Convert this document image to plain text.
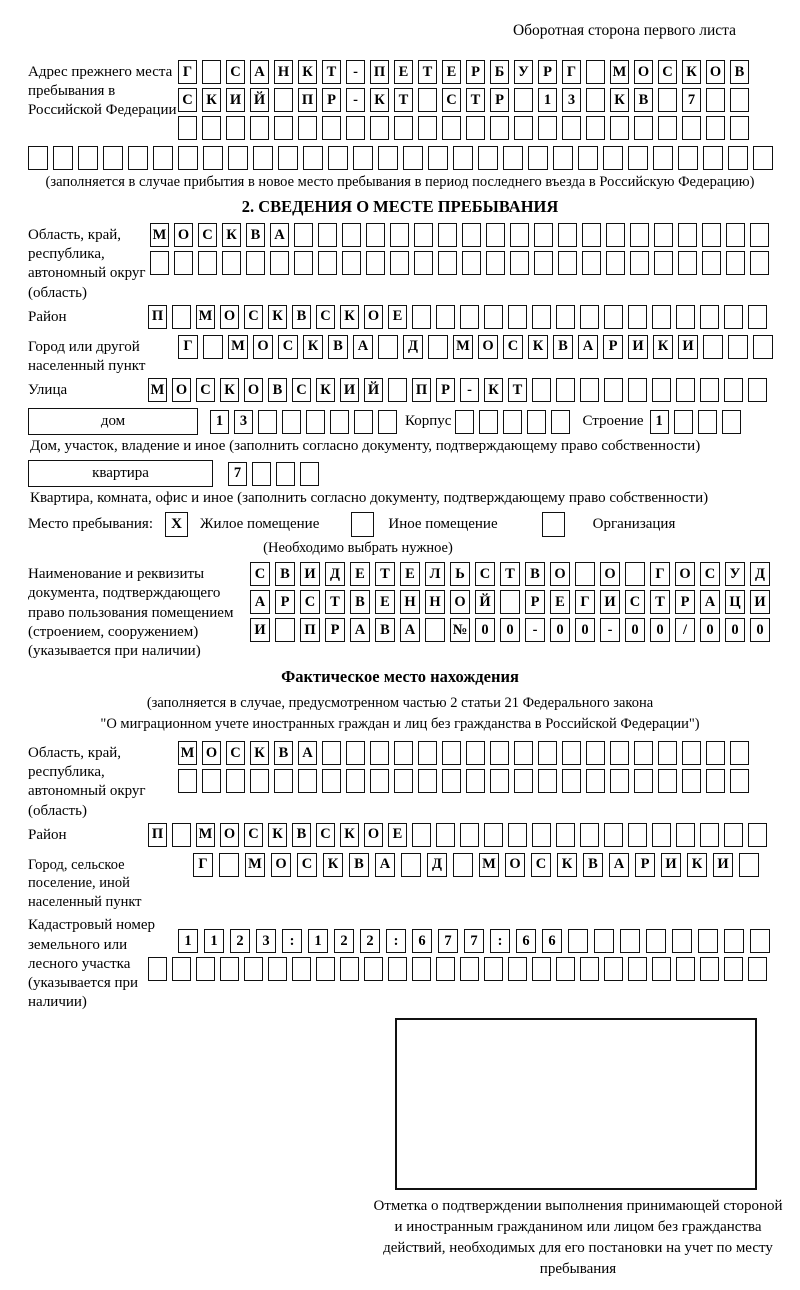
Оборотная сторона первого листа
Адрес прежнего места пребывания в Российской Федерации
Г	С А Н К Т	-	П Е Т Е	Р	Б У Р	Г	М О С К О В
С К И Й	П Р	-	К Т	С Т	Р	1	3	К В	7
(заполняется в случае прибытия в новое место пребывания в период последнего въезда в Российскую Федерацию)
2. СВЕДЕНИЯ О МЕСТЕ ПРЕБЫВАНИЯ
Область, край, республика, автономный округ (область)
М О С К В А
Район	П М О С К В С К О Е
Город или другой населенный пункт
Г	М О С	К	В	А	Д	М О С	К	В	А	Р	И К И
Улица	М О С К О В С К И Й	П Р	-	К Т
дом	1	3	Корпус	Строение 1
Дом, участок, владение и иное (заполнить согласно документу, подтверждающему право собственности)
квартира	7
Квартира, комната, офис и иное (заполнить согласно документу, подтверждающему право собственности)
Место пребывания:	X	Жилое помещение	Иное помещение	Организация
(Необходимо выбрать нужное)
Наименование и реквизиты документа, подтверждающего право пользования помещением (строением, сооружением) (указывается при наличии)
С	В	И Д	Е	Т	Е	Л	Ь	С	Т	В	О	О	Г	О С У	Д
А	Р	С	Т	В	Е	Н Н О Й	Р	Е	Г	И С	Т	Р	А Ц И
И	П	Р	А	В	А	№ 0	0	-	0	0	-	0	0	/	0	0	0
Фактическое место нахождения
(заполняется в случае, предусмотренном частью 2 статьи 21 Федерального закона
"О миграционном учете иностранных граждан и лиц без гражданства в Российской Федерации")
Область, край, республика, автономный округ (область)
М О С К В А
Район	П М О С К В С К О Е
Город, сельское поселение, иной населенный пункт
Г	М О	С	К	В	А	Д	М О	С	К	В	А	Р	И	К	И
Кадастровый номер земельного или лесного участка (указывается при наличии)
1	1	2	3	:	1	2	2	:	6	7	7	:	6	6
Отметка о подтверждении выполнения принимающей стороной и иностранным гражданином или лицом без гражданства действий, необходимых для его постановки на учет по месту пребывания
